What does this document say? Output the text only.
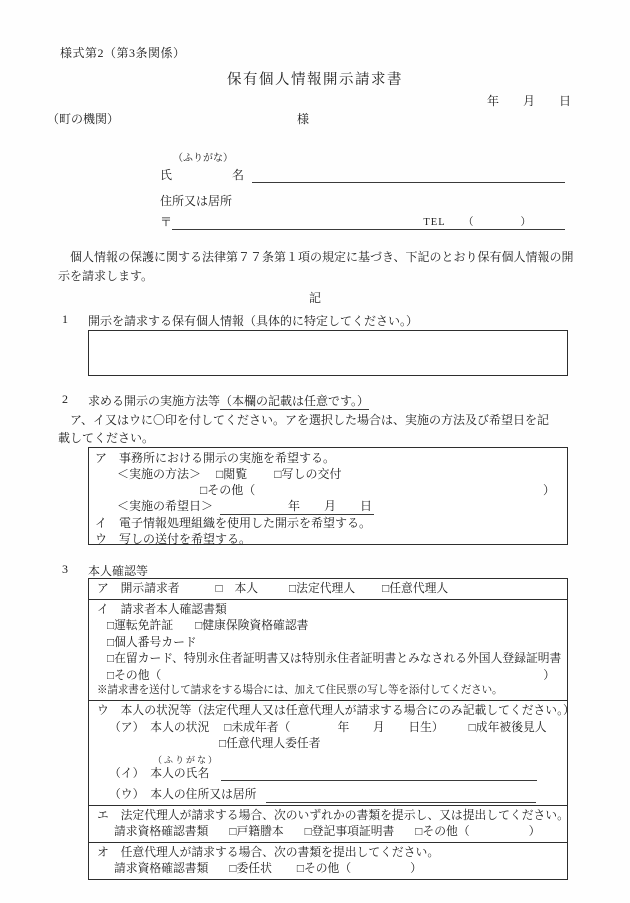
様式第2（第3条関係）
保有個人情報開示請求書
年　　月　　日
（町の機関）	様
（ふりがな）
氏	名
住所又は居所
〒	TEL　　（　　　　）
　個人情報の保護に関する法律第７７条第１項の規定に基づき、下記のとおり保有個人情報の開
示を請求します。
記
1	開示を請求する保有個人情報（具体的に特定してください。）
2	求める開示の実施方法等（本欄の記載は任意です。）
　ア、イ又はウに〇印を付してください。アを選択した場合は、実施の方法及び希望日を記
載してください。
ア　事務所における開示の実施を希望する。
＜実施の方法＞ □閲覧 □写しの交付
□その他（	）
＜実施の希望日＞	年　　月　　日
イ　電子情報処理組織を使用した開示を希望する。
ウ　写しの送付を希望する。
3	本人確認等
ア　開示請求者	□　本人	□法定代理人 □任意代理人
イ　請求者本人確認書類
□運転免許証 □健康保険資格確認書
□個人番号カード
□在留カード、特別永住者証明書又は特別永住者証明書とみなされる外国人登録証明書
□その他（	）
※請求書を送付して請求をする場合には、加えて住民票の写し等を添付してください。
ウ　本人の状況等（法定代理人又は任意代理人が請求する場合にのみ記載してください。）
（ア）　本人の状況 □未成年者（　　　　年　　月　　日生） □成年被後見人
□任意代理人委任者
（ふりがな）
（イ）　本人の氏名
（ウ）　本人の住所又は居所
エ　法定代理人が請求する場合、次のいずれかの書類を提示し、又は提出してください。
請求資格確認書類 □戸籍謄本 □登記事項証明書 □その他（　　　　　）
オ　任意代理人が請求する場合、次の書類を提出してください。
請求資格確認書類 □委任状 □その他（　　　　　）
